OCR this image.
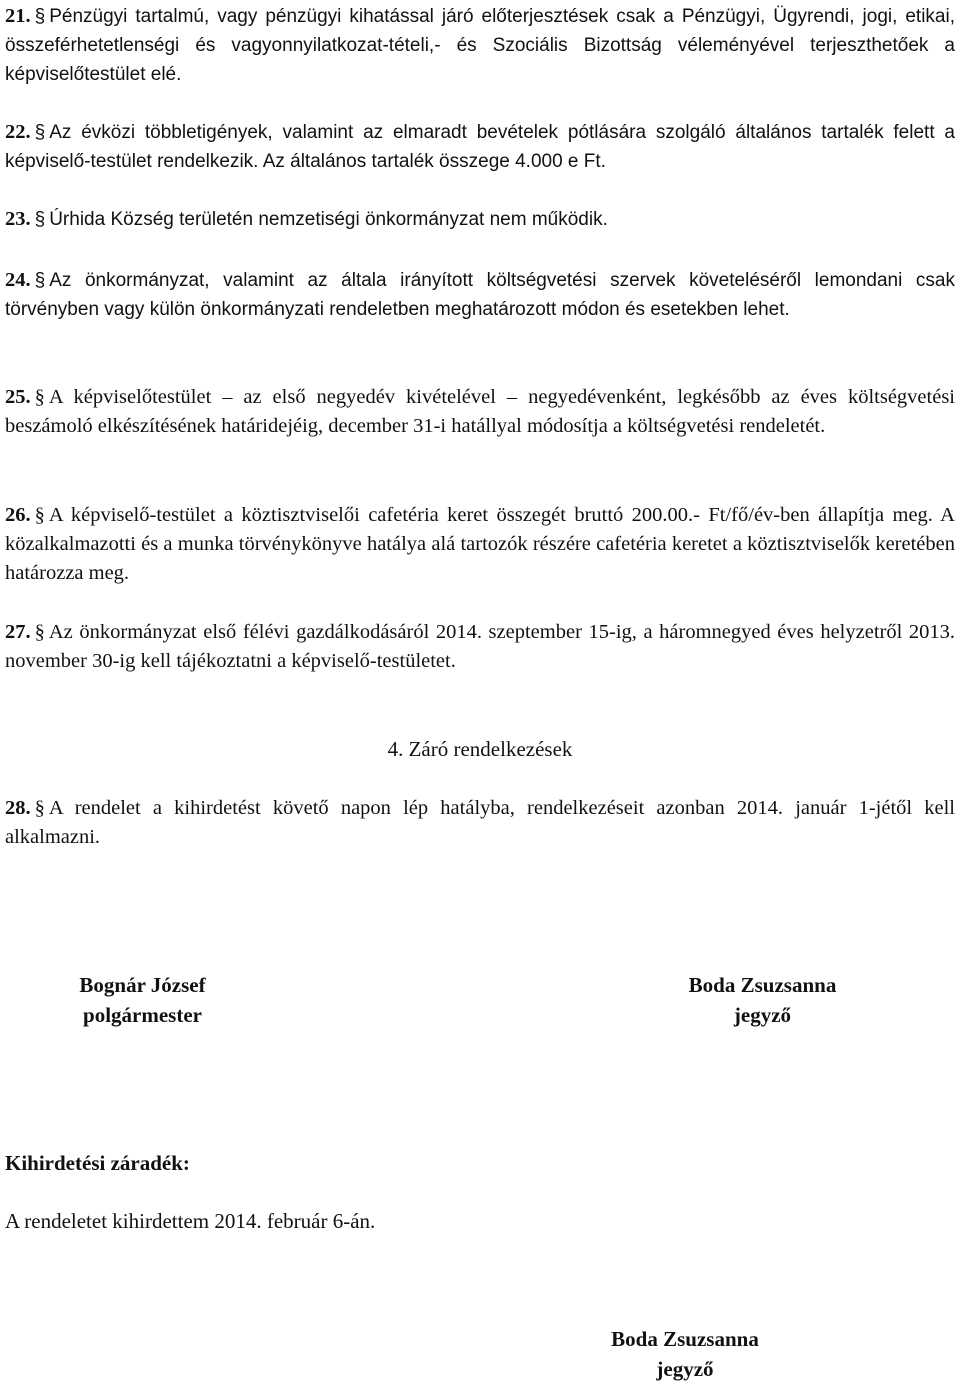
21. § Pénzügyi tartalmú, vagy pénzügyi kihatással járó előterjesztések csak a Pénzügyi, Ügyrendi, jogi, etikai, összeférhetetlenségi és vagyonnyilatkozat-tételi,- és Szociális Bizottság véleményével terjeszthetőek a képviselőtestület elé.

22. § Az évközi többletigények, valamint az elmaradt bevételek pótlására szolgáló általános tartalék felett a képviselő-testület rendelkezik. Az általános tartalék összege 4.000 e Ft.

23. § Úrhida Község területén nemzetiségi önkormányzat nem működik.

24. § Az önkormányzat, valamint az általa irányított költségvetési szervek követeléséről lemondani csak törvényben vagy külön önkormányzati rendeletben meghatározott módon és esetekben lehet.

25. § A képviselőtestület – az első negyedév kivételével – negyedévenként, legkésőbb az éves költségvetési beszámoló elkészítésének határidejéig, december 31-i hatállyal módosítja a költségvetési rendeletét.

26. § A képviselő-testület a köztisztviselői cafetéria keret összegét bruttó 200.00.- Ft/fő/év-ben állapítja meg. A közalkalmazotti és a munka törvénykönyve hatálya alá tartozók részére cafetéria keretet a köztisztviselők keretében határozza meg.

27. § Az önkormányzat első félévi gazdálkodásáról 2014. szeptember 15-ig, a háromnegyed éves helyzetről 2013. november 30-ig kell tájékoztatni a képviselő-testületet.

4. Záró rendelkezések

28. § A rendelet a kihirdetést követő napon lép hatályba, rendelkezéseit azonban 2014. január 1-jétől kell alkalmazni.

Bognár József
polgármester
Boda Zsuzsanna
jegyző
Kihirdetési záradék:
A rendeletet kihirdettem 2014. február 6-án.
Boda Zsuzsanna
jegyző
